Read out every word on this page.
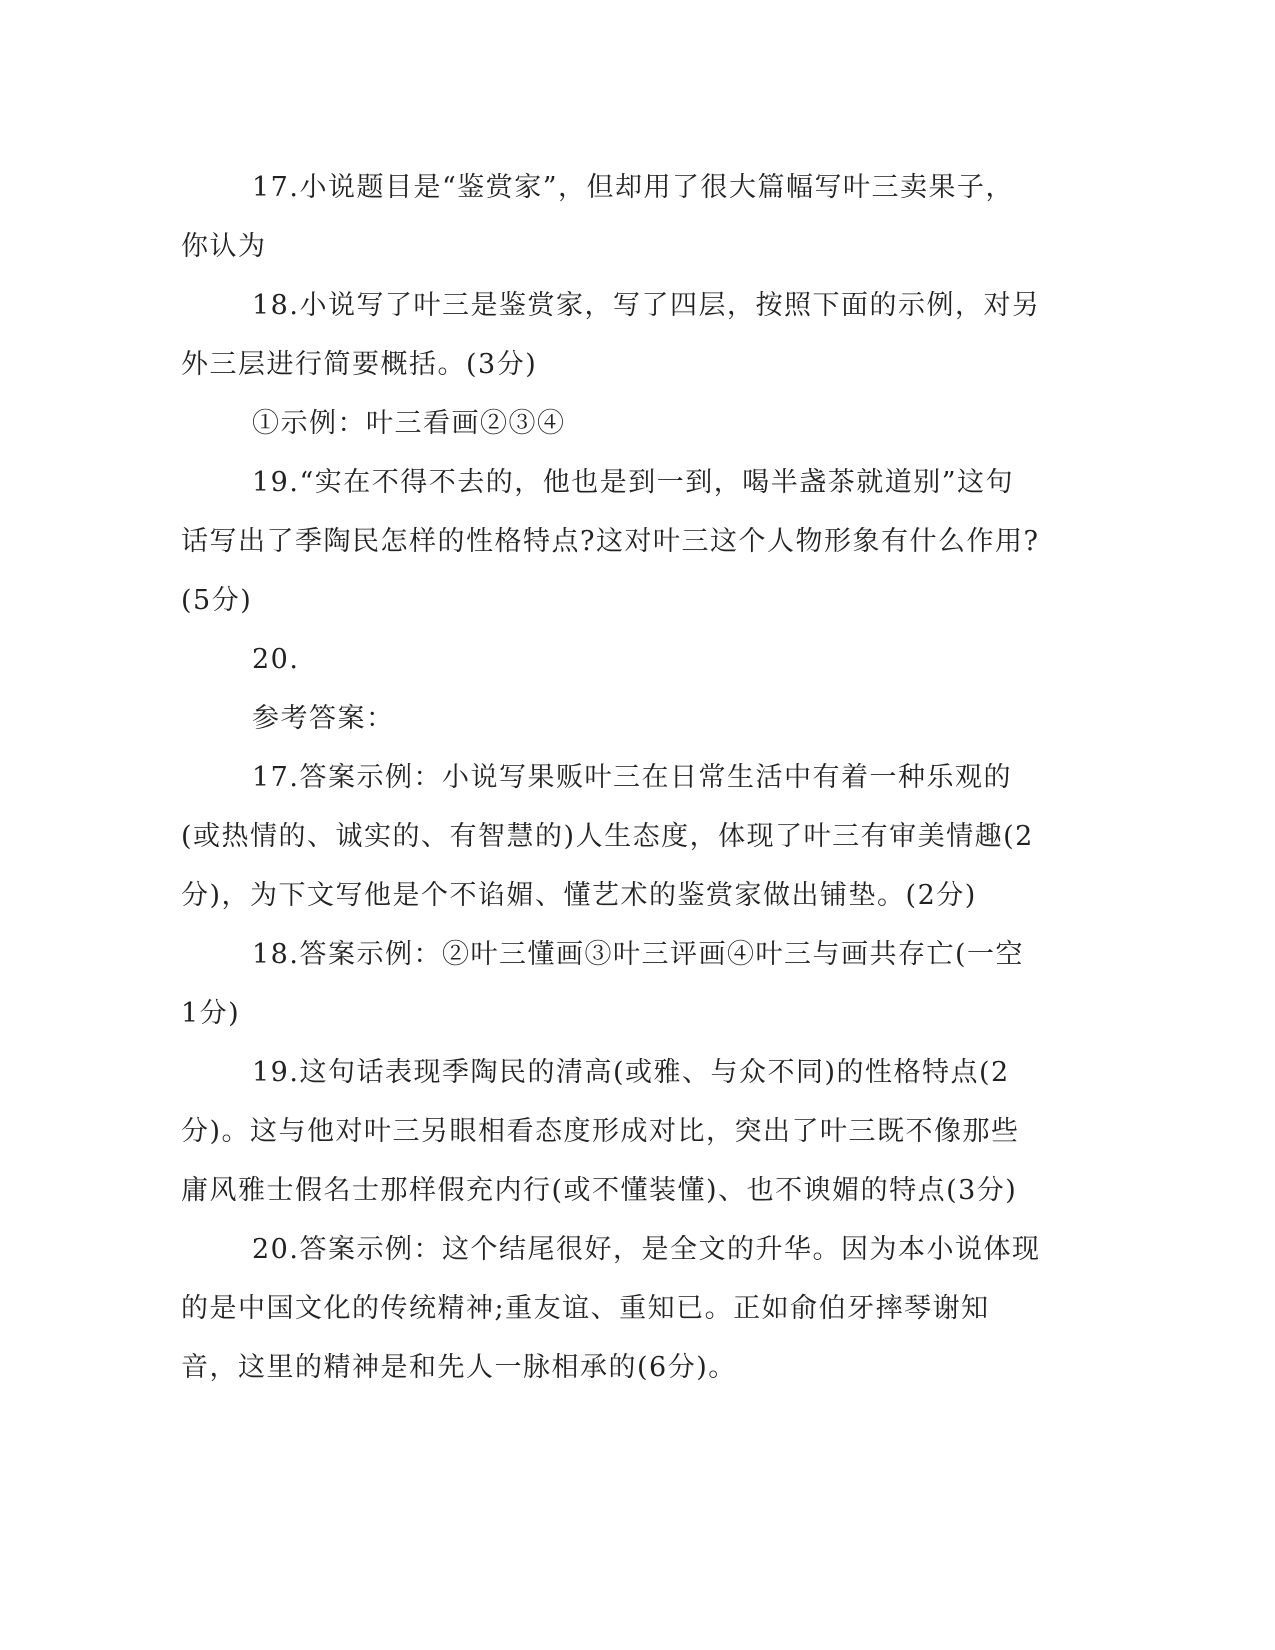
17.小说题目是“鉴赏家”，但却用了很大篇幅写叶三卖果子，你认为

18.小说写了叶三是鉴赏家，写了四层，按照下面的示例，对另外三层进行简要概括。(3分)

①示例：叶三看画②③④

19.“实在不得不去的，他也是到一到，喝半盏茶就道别”这句话写出了季陶民怎样的性格特点?这对叶三这个人物形象有什么作用?(5分)

20.

参考答案：

17.答案示例：小说写果贩叶三在日常生活中有着一种乐观的(或热情的、诚实的、有智慧的)人生态度，体现了叶三有审美情趣(2分)，为下文写他是个不谄媚、懂艺术的鉴赏家做出铺垫。(2分)

18.答案示例：②叶三懂画③叶三评画④叶三与画共存亡(一空1分)

19.这句话表现季陶民的清高(或雅、与众不同)的性格特点(2分)。这与他对叶三另眼相看态度形成对比，突出了叶三既不像那些庸风雅士假名士那样假充内行(或不懂装懂)、也不谀媚的特点(3分)

20.答案示例：这个结尾很好，是全文的升华。因为本小说体现的是中国文化的传统精神;重友谊、重知已。正如俞伯牙摔琴谢知音，这里的精神是和先人一脉相承的(6分)。
